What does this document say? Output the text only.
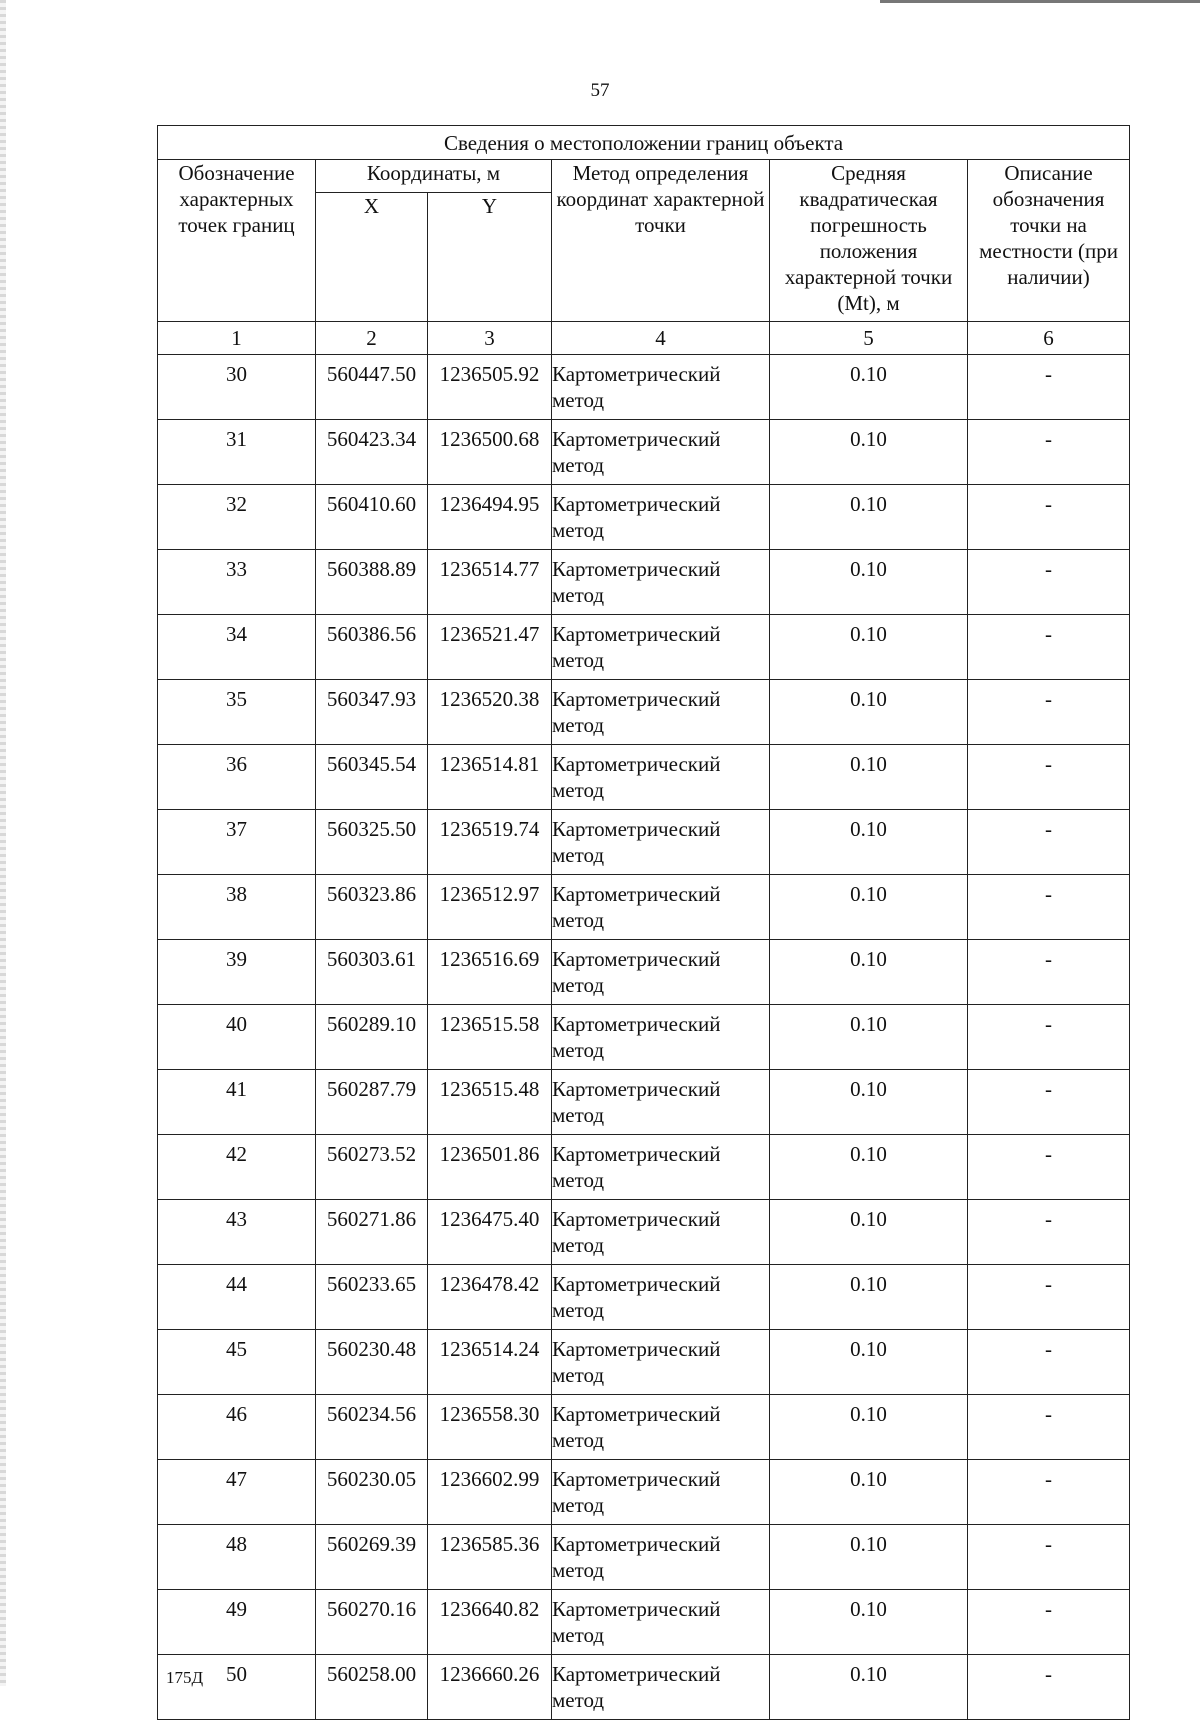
57
Сведения о местоположении границ объекта					
Обозначение характерных точек границ	Координаты, м		Метод определения координат характерной точки	Средняя квадратическая погрешность положения характерной точки (Mt), м	Описание обозначения точки на местности (при наличии)
	X	Y			
1	2	3	4	5	6
30	560447.50	1236505.92	Картометрический метод	0.10	-
31	560423.34	1236500.68	Картометрический метод	0.10	-
32	560410.60	1236494.95	Картометрический метод	0.10	-
33	560388.89	1236514.77	Картометрический метод	0.10	-
34	560386.56	1236521.47	Картометрический метод	0.10	-
35	560347.93	1236520.38	Картометрический метод	0.10	-
36	560345.54	1236514.81	Картометрический метод	0.10	-
37	560325.50	1236519.74	Картометрический метод	0.10	-
38	560323.86	1236512.97	Картометрический метод	0.10	-
39	560303.61	1236516.69	Картометрический метод	0.10	-
40	560289.10	1236515.58	Картометрический метод	0.10	-
41	560287.79	1236515.48	Картометрический метод	0.10	-
42	560273.52	1236501.86	Картометрический метод	0.10	-
43	560271.86	1236475.40	Картометрический метод	0.10	-
44	560233.65	1236478.42	Картометрический метод	0.10	-
45	560230.48	1236514.24	Картометрический метод	0.10	-
46	560234.56	1236558.30	Картометрический метод	0.10	-
47	560230.05	1236602.99	Картометрический метод	0.10	-
48	560269.39	1236585.36	Картометрический метод	0.10	-
49	560270.16	1236640.82	Картометрический метод	0.10	-
50	560258.00	1236660.26	Картометрический метод	0.10	-
175Д
